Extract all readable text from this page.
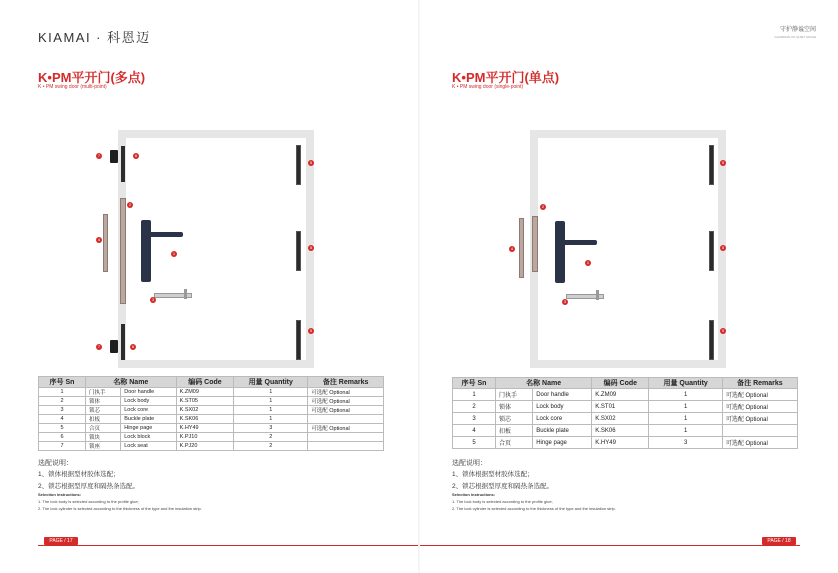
KIAMAI · 科恩迈	守护静谧空间
GUARDIAN OF QUIET SPACE
K•PM平开门(多点)
K • PM swing door (multi-point)
7	6
4
2
1
3
7	6
5
5
5
序号 Sn	名称 Name		编码 Code	用量 Quantity	备注 Remarks
1	门执手	Door handle	K.ZM09	1	可选配 Optional
2	锁体	Lock body	K.ST05	1	可选配 Optional
3	锁芯	Lock core	K.SX02	1	可选配 Optional
4	扣板	Buckle plate	K.SK06	1	
5	合页	Hinge page	K.HY49	3	可选配 Optional
6	锁块	Lock block	K.PJ10	2	
7	锁座	Lock seat	K.PJ20	2	
选配说明：
1、锁体根据型材胶体选配；
2、锁芯根据型厚度和隔热条选配。
Selection instructions:
1. The lock body is selected according to the profile glue;
2. The lock cylinder is selected according to the thickness of the type and the insulation strip.
PAGE / 17
K•PM平开门(单点)
K • PM swing door (single-point)
4
2
1
3
5
5
5
序号 Sn	名称 Name		编码 Code	用量 Quantity	备注 Remarks
1	门执手	Door handle	K.ZM09	1	可选配 Optional
2	锁体	Lock body	K.ST01	1	可选配 Optional
3	锁芯	Lock core	K.SX02	1	可选配 Optional
4	扣板	Buckle plate	K.SK06	1	
5	合页	Hinge page	K.HY49	3	可选配 Optional
选配说明：
1、锁体根据型材胶体选配；
2、锁芯根据型厚度和隔热条选配。
Selection instructions:
1. The lock body is selected according to the profile glue;
2. The lock cylinder is selected according to the thickness of the type and the insulation strip.
PAGE / 18
